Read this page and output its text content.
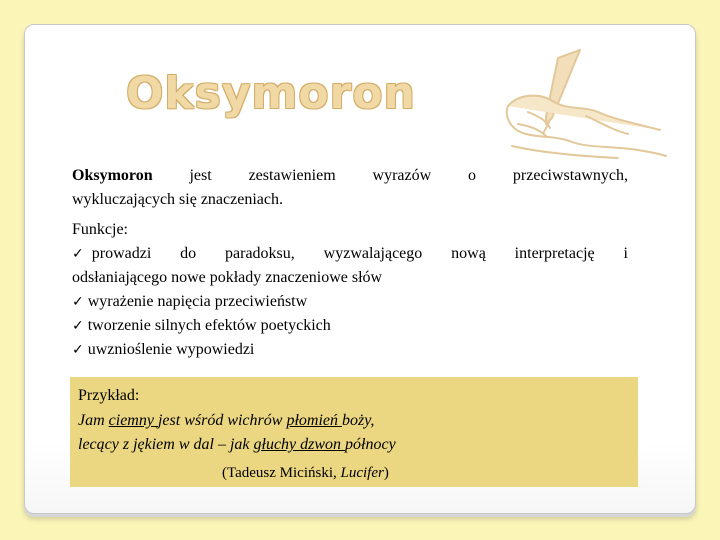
Oksymoron
Oksymoron jest zestawieniem wyrazów o przeciwstawnych,
wykluczających się znaczeniach.
Funkcje:
✓ prowadzi do paradoksu, wyzwalającego nową interpretację i
odsłaniającego nowe pokłady znaczeniowe słów
✓ wyrażenie napięcia przeciwieństw
✓ tworzenie silnych efektów poetyckich
✓ uwznioślenie wypowiedzi
Przykład:
Jam ciemny jest wśród wichrów płomień boży,
lecący z jękiem w dal – jak głuchy dzwon północy
(Tadeusz Miciński, Lucifer)
